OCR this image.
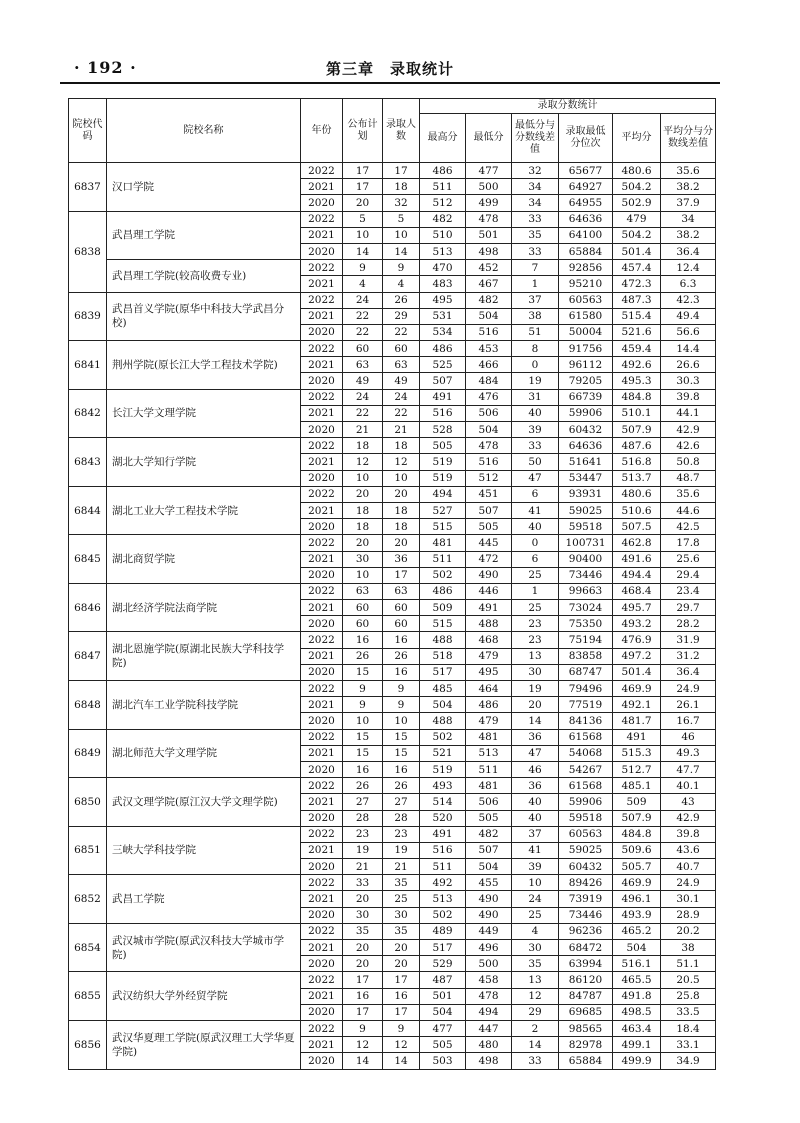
· 192 ·	第三章　录取统计
院校代码	院校名称	年份	公布计划	录取人数	录取分数统计					

					最高分	最低分	最低分与分数线差值	录取最低分位次	平均分	平均分与分数线差值

6837	汉口学院	2022	17	17	486	477	32	65677	480.6	35.6
		2021	17	18	511	500	34	64927	504.2	38.2
		2020	20	32	512	499	34	64955	502.9	37.9
6838	武昌理工学院	2022	5	5	482	478	33	64636	479	34
		2021	10	10	510	501	35	64100	504.2	38.2
		2020	14	14	513	498	33	65884	501.4	36.4
	武昌理工学院(较高收费专业)	2022	9	9	470	452	7	92856	457.4	12.4
		2021	4	4	483	467	1	95210	472.3	6.3
6839	武昌首义学院(原华中科技大学武昌分校)	2022	24	26	495	482	37	60563	487.3	42.3
		2021	22	29	531	504	38	61580	515.4	49.4
		2020	22	22	534	516	51	50004	521.6	56.6
6841	荆州学院(原长江大学工程技术学院)	2022	60	60	486	453	8	91756	459.4	14.4
		2021	63	63	525	466	0	96112	492.6	26.6
		2020	49	49	507	484	19	79205	495.3	30.3
6842	长江大学文理学院	2022	24	24	491	476	31	66739	484.8	39.8
		2021	22	22	516	506	40	59906	510.1	44.1
		2020	21	21	528	504	39	60432	507.9	42.9
6843	湖北大学知行学院	2022	18	18	505	478	33	64636	487.6	42.6
		2021	12	12	519	516	50	51641	516.8	50.8
		2020	10	10	519	512	47	53447	513.7	48.7
6844	湖北工业大学工程技术学院	2022	20	20	494	451	6	93931	480.6	35.6
		2021	18	18	527	507	41	59025	510.6	44.6
		2020	18	18	515	505	40	59518	507.5	42.5
6845	湖北商贸学院	2022	20	20	481	445	0	100731	462.8	17.8
		2021	30	36	511	472	6	90400	491.6	25.6
		2020	10	17	502	490	25	73446	494.4	29.4
6846	湖北经济学院法商学院	2022	63	63	486	446	1	99663	468.4	23.4
		2021	60	60	509	491	25	73024	495.7	29.7
		2020	60	60	515	488	23	75350	493.2	28.2
6847	湖北恩施学院(原湖北民族大学科技学院)	2022	16	16	488	468	23	75194	476.9	31.9
		2021	26	26	518	479	13	83858	497.2	31.2
		2020	15	16	517	495	30	68747	501.4	36.4
6848	湖北汽车工业学院科技学院	2022	9	9	485	464	19	79496	469.9	24.9
		2021	9	9	504	486	20	77519	492.1	26.1
		2020	10	10	488	479	14	84136	481.7	16.7
6849	湖北师范大学文理学院	2022	15	15	502	481	36	61568	491	46
		2021	15	15	521	513	47	54068	515.3	49.3
		2020	16	16	519	511	46	54267	512.7	47.7
6850	武汉文理学院(原江汉大学文理学院)	2022	26	26	493	481	36	61568	485.1	40.1
		2021	27	27	514	506	40	59906	509	43
		2020	28	28	520	505	40	59518	507.9	42.9
6851	三峡大学科技学院	2022	23	23	491	482	37	60563	484.8	39.8
		2021	19	19	516	507	41	59025	509.6	43.6
		2020	21	21	511	504	39	60432	505.7	40.7
6852	武昌工学院	2022	33	35	492	455	10	89426	469.9	24.9
		2021	20	25	513	490	24	73919	496.1	30.1
		2020	30	30	502	490	25	73446	493.9	28.9
6854	武汉城市学院(原武汉科技大学城市学院)	2022	35	35	489	449	4	96236	465.2	20.2
		2021	20	20	517	496	30	68472	504	38
		2020	20	20	529	500	35	63994	516.1	51.1
6855	武汉纺织大学外经贸学院	2022	17	17	487	458	13	86120	465.5	20.5
		2021	16	16	501	478	12	84787	491.8	25.8
		2020	17	17	504	494	29	69685	498.5	33.5
6856	武汉华夏理工学院(原武汉理工大学华夏学院)	2022	9	9	477	447	2	98565	463.4	18.4
		2021	12	12	505	480	14	82978	499.1	33.1
		2020	14	14	503	498	33	65884	499.9	34.9
